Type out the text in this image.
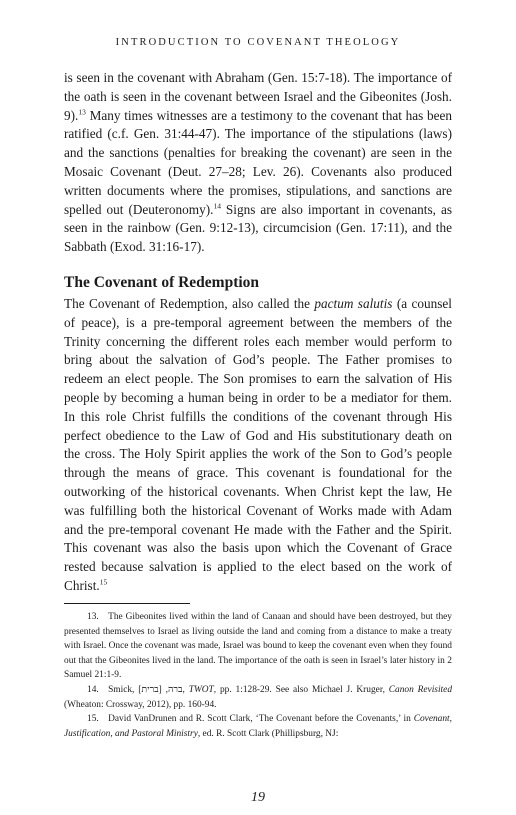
INTRODUCTION TO COVENANT THEOLOGY

is seen in the covenant with Abraham (Gen. 15:7-18). The importance of the oath is seen in the covenant between Israel and the Gibeonites (Josh. 9).$^{13}$ Many times witnesses are a testimony to the covenant that has been ratified (c.f. Gen. 31:44-47). The importance of the stipulations (laws) and the sanctions (penalties for breaking the covenant) are seen in the Mosaic Covenant (Deut. 27–28; Lev. 26). Covenants also produced written documents where the promises, stipulations, and sanctions are spelled out (Deuteronomy).$^{14}$ Signs are also important in covenants, as seen in the rainbow (Gen. 9:12-13), circumcision (Gen. 17:11), and the Sabbath (Exod. 31:16-17).

The Covenant of Redemption

The Covenant of Redemption, also called the pactum salutis (a counsel of peace), is a pre-temporal agreement between the members of the Trinity concerning the different roles each member would perform to bring about the salvation of God’s people. The Father promises to redeem an elect people. The Son promises to earn the salvation of His people by becoming a human being in order to be a mediator for them. In this role Christ fulfills the conditions of the covenant through His perfect obedience to the Law of God and His substitutionary death on the cross. The Holy Spirit applies the work of the Son to God’s people through the means of grace. This covenant is foundational for the outworking of the historical covenants. When Christ kept the law, He was fulfilling both the historical Covenant of Works made with Adam and the pre-temporal covenant He made with the Father and the Spirit. This covenant was also the basis upon which the Covenant of Grace rested because salvation is applied to the elect based on the work of Christ.$^{15}$

13. The Gibeonites lived within the land of Canaan and should have been destroyed, but they presented themselves to Israel as living outside the land and coming from a distance to make a treaty with Israel. Once the covenant was made, Israel was bound to keep the covenant even when they found out that the Gibeonites lived in the land. The importance of the oath is seen in Israel’s later history in 2 Samuel 21:1-9.

14. Smick, ברה, [ברית], TWOT, pp. 1:128-29. See also Michael J. Kruger, Canon Revisited (Wheaton: Crossway, 2012), pp. 160-94.

15. David VanDrunen and R. Scott Clark, ‘The Covenant before the Covenants,’ in Covenant, Justification, and Pastoral Ministry, ed. R. Scott Clark (Phillipsburg, NJ:

19
